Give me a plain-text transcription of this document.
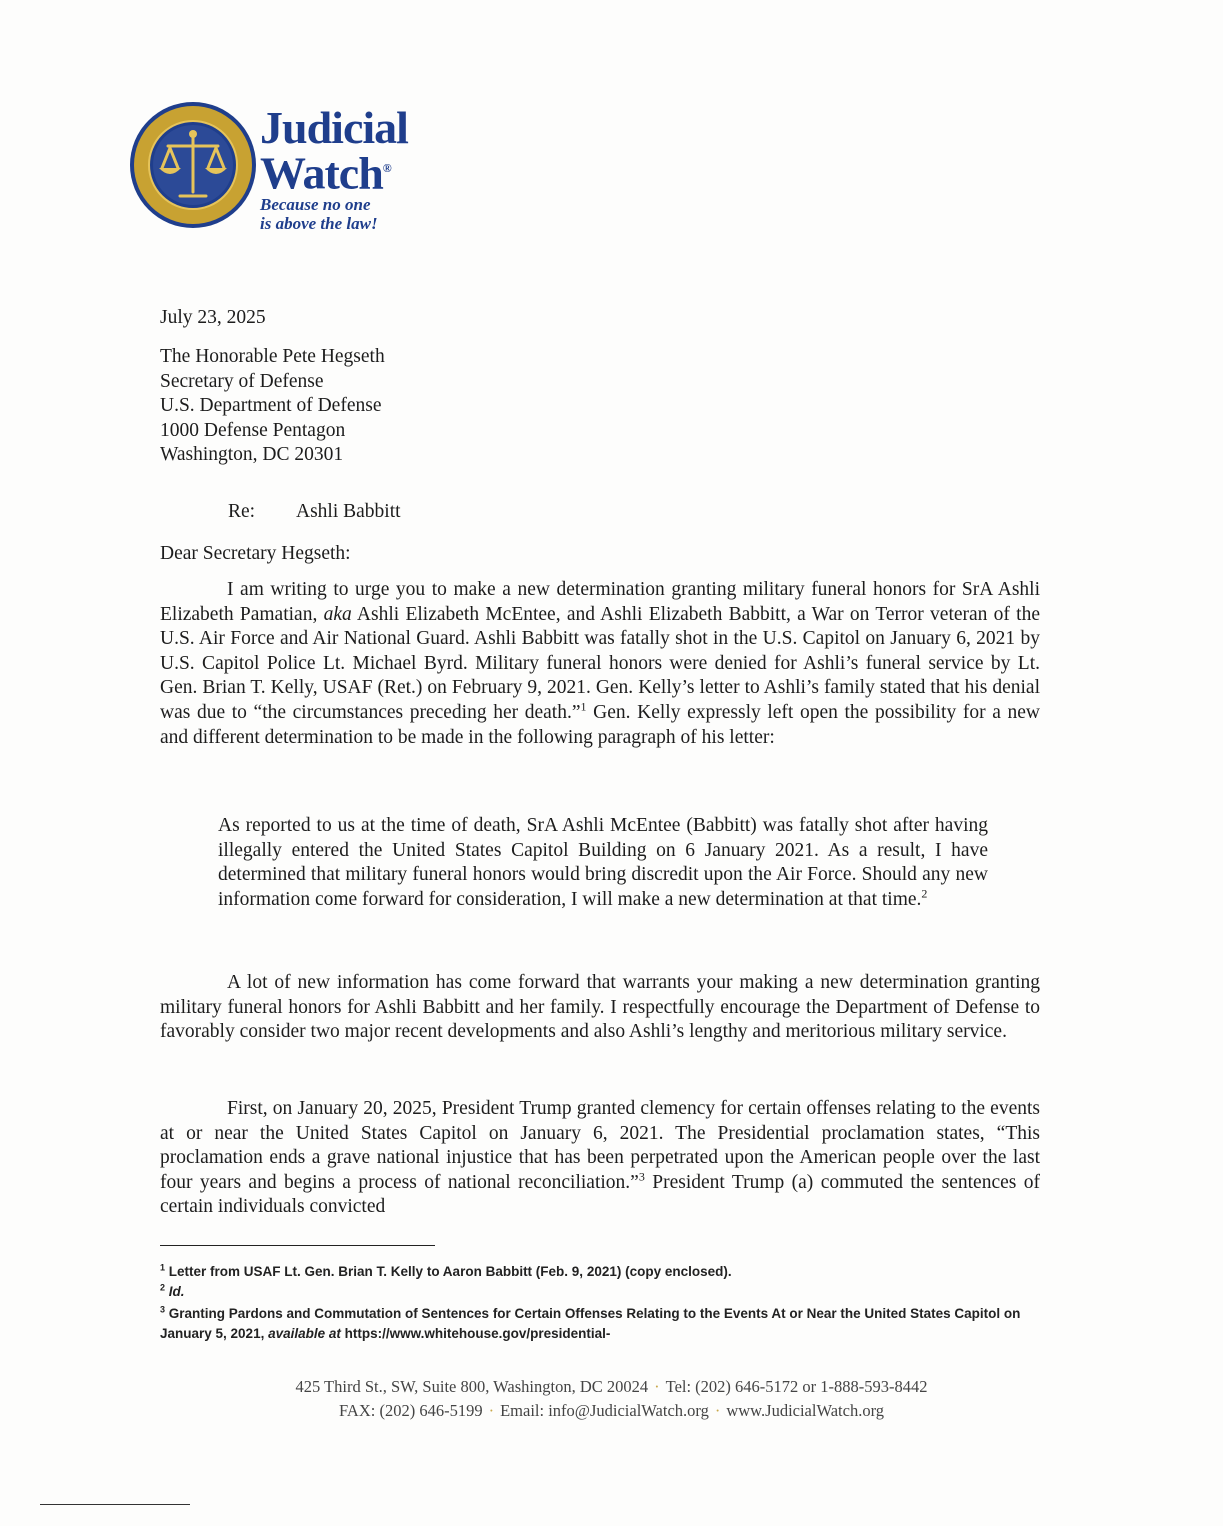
Judicial
Watch®
Because no one
is above the law!
July 23, 2025
The Honorable Pete Hegseth
Secretary of Defense
U.S. Department of Defense
1000 Defense Pentagon
Washington, DC 20301
Re: Ashli Babbitt
Dear Secretary Hegseth:

I am writing to urge you to make a new determination granting military funeral honors for SrA Ashli Elizabeth Pamatian, aka Ashli Elizabeth McEntee, and Ashli Elizabeth Babbitt, a War on Terror veteran of the U.S. Air Force and Air National Guard. Ashli Babbitt was fatally shot in the U.S. Capitol on January 6, 2021 by U.S. Capitol Police Lt. Michael Byrd. Military funeral honors were denied for Ashli’s funeral service by Lt. Gen. Brian T. Kelly, USAF (Ret.) on February 9, 2021. Gen. Kelly’s letter to Ashli’s family stated that his denial was due to “the circumstances preceding her death.”$^1$ Gen. Kelly expressly left open the possibility for a new and different determination to be made in the following paragraph of his letter:

As reported to us at the time of death, SrA Ashli McEntee (Babbitt) was fatally shot after having illegally entered the United States Capitol Building on 6 January 2021. As a result, I have determined that military funeral honors would bring discredit upon the Air Force. Should any new information come forward for consideration, I will make a new determination at that time.$^2$

A lot of new information has come forward that warrants your making a new determination granting military funeral honors for Ashli Babbitt and her family. I respectfully encourage the Department of Defense to favorably consider two major recent developments and also Ashli’s lengthy and meritorious military service.

First, on January 20, 2025, President Trump granted clemency for certain offenses relating to the events at or near the United States Capitol on January 6, 2021. The Presidential proclamation states, “This proclamation ends a grave national injustice that has been perpetrated upon the American people over the last four years and begins a process of national reconciliation.”$^3$ President Trump (a) commuted the sentences of certain individuals convicted

$^1$ Letter from USAF Lt. Gen. Brian T. Kelly to Aaron Babbitt (Feb. 9, 2021) (copy enclosed).
$^2$ Id.
$^3$ Granting Pardons and Commutation of Sentences for Certain Offenses Relating to the Events At or Near the United States Capitol on January 5, 2021, available at https://www.whitehouse.gov/presidential-
425 Third St., SW, Suite 800, Washington, DC 20024 · Tel: (202) 646-5172 or 1-888-593-8442
FAX: (202) 646-5199 · Email: info@JudicialWatch.org · www.JudicialWatch.org
